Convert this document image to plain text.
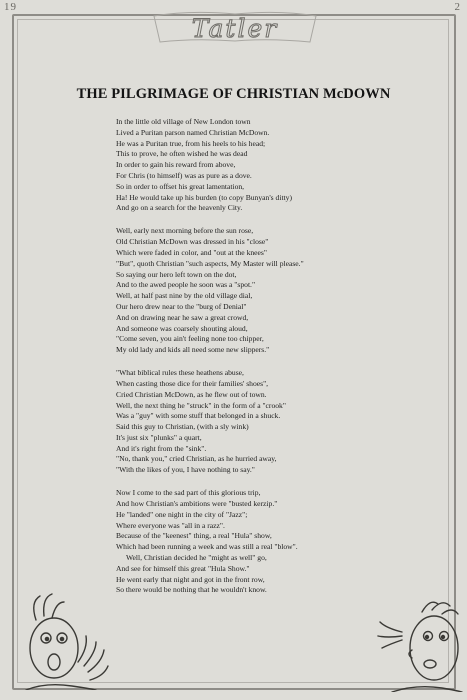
19	2
Tatler
THE PILGRIMAGE OF CHRISTIAN McDOWN
In the little old village of New London town
Lived a Puritan parson named Christian McDown.
He was a Puritan true, from his heels to his head;
This to prove, he often wished he was dead
In order to gain his reward from above,
For Chris (to himself) was as pure as a dove.
So in order to offset his great lamentation,
Ha! He would take up his burden (to copy Bunyan's ditty)
And go on a search for the heavenly City.
Well, early next morning before the sun rose,
Old Christian McDown was dressed in his "close"
Which were faded in color, and "out at the knees"
"But", quoth Christian "such aspects, My Master will please."
So saying our hero left town on the dot,
And to the awed people he soon was a "spot."
Well, at half past nine by the old village dial,
Our hero drew near to the "burg of Denial"
And on drawing near he saw a great crowd,
And someone was coarsely shouting aloud,
"Come seven, you ain't feeling none too chipper,
My old lady and kids all need some new slippers."
"What biblical rules these heathens abuse,
When casting those dice for their families' shoes",
Cried Christian McDown, as he flew out of town.
Well, the next thing he "struck" in the form of a "crook"
Was a "guy" with some stuff that belonged in a shuck.
Said this guy to Christian, (with a sly wink)
It's just six "plunks" a quart,
And it's right from the "sink".
"No, thank you," cried Christian, as he hurried away,
"With the likes of you, I have nothing to say."
Now I come to the sad part of this glorious trip,
And how Christian's ambitions were "busted kerzip."
He "landed" one night in the city of "Jazz";
Where everyone was "all in a razz".
Because of the "keenest" thing, a real "Hula" show,
Which had been running a week and was still a real "blow".
Well, Christian decided he "might as well" go,
And see for himself this great "Hula Show."
He went early that night and got in the front row,
So there would be nothing that he wouldn't know.
